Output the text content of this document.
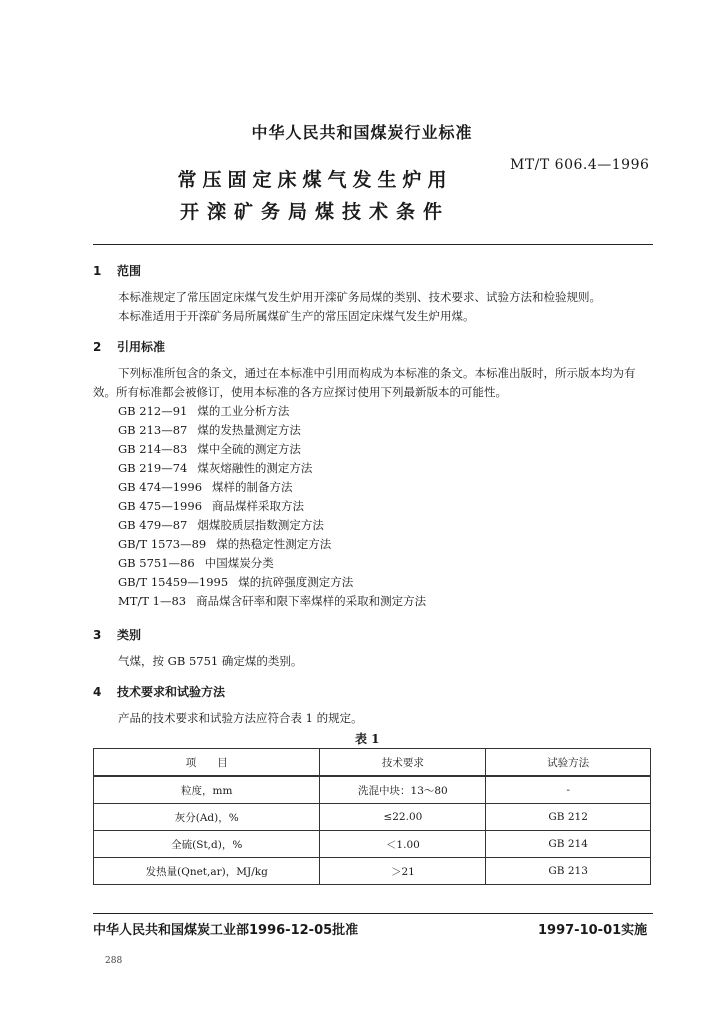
中华人民共和国煤炭行业标准
MT/T 606.4—1996
常压固定床煤气发生炉用
开滦矿务局煤技术条件
1 范围
本标准规定了常压固定床煤气发生炉用开滦矿务局煤的类别、技术要求、试验方法和检验规则。
本标准适用于开滦矿务局所属煤矿生产的常压固定床煤气发生炉用煤。
2 引用标准
下列标准所包含的条文，通过在本标准中引用而构成为本标准的条文。本标准出版时，所示版本均为有效。所有标准都会被修订，使用本标准的各方应探讨使用下列最新版本的可能性。
GB 212—91 煤的工业分析方法
GB 213—87 煤的发热量测定方法
GB 214—83 煤中全硫的测定方法
GB 219—74 煤灰熔融性的测定方法
GB 474—1996 煤样的制备方法
GB 475—1996 商品煤样采取方法
GB 479—87 烟煤胶质层指数测定方法
GB/T 1573—89 煤的热稳定性测定方法
GB 5751—86 中国煤炭分类
GB/T 15459—1995 煤的抗碎强度测定方法
MT/T 1—83 商品煤含矸率和限下率煤样的采取和测定方法
3 类别
气煤，按 GB 5751 确定煤的类别。
4 技术要求和试验方法
产品的技术要求和试验方法应符合表 1 的规定。
表 1
项　　目	技术要求	试验方法
粒度，mm	洗混中块：13～80	-
灰分(Ad)，%	≤22.00	GB 212
全硫(St,d)，%	＜1.00	GB 214
发热量(Qnet,ar)，MJ/kg	＞21	GB 213
中华人民共和国煤炭工业部1996-12-05批准	1997-10-01实施
288
